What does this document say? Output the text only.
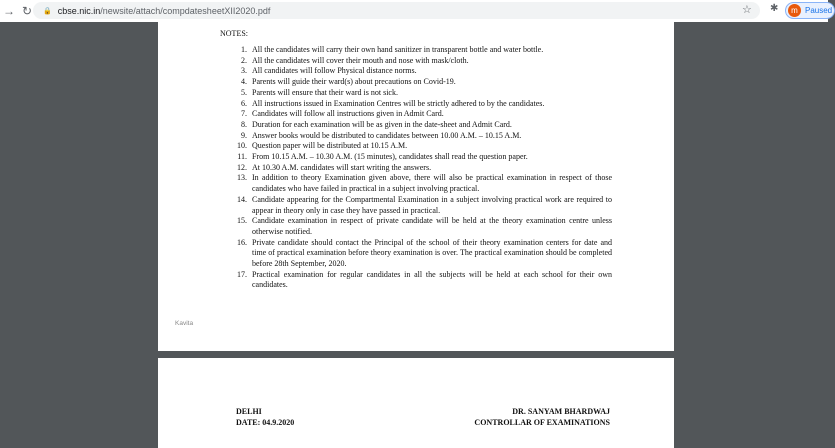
→ ↻	🔒 cbse.nic.in /newsite/attach/compdatesheetXII2020.pdf	☆ ✱	m Paused
NOTES:
1. All the candidates will carry their own hand sanitizer in transparent bottle and water bottle.
2. All the candidates will cover their mouth and nose with mask/cloth.
3. All candidates will follow Physical distance norms.
4. Parents will guide their ward(s) about precautions on Covid-19.
5. Parents will ensure that their ward is not sick.
6. All instructions issued in Examination Centres will be strictly adhered to by the candidates.
7. Candidates will follow all instructions given in Admit Card.
8. Duration for each examination will be as given in the date-sheet and Admit Card.
9. Answer books would be distributed to candidates between 10.00 A.M. – 10.15 A.M.
10. Question paper will be distributed at 10.15 A.M.
11. From 10.15 A.M. – 10.30 A.M. (15 minutes), candidates shall read the question paper.
12. At 10.30 A.M. candidates will start writing the answers.
13. In addition to theory Examination given above, there will also be practical examination in respect of those candidates who have failed in practical in a subject involving practical.
14. Candidate appearing for the Compartmental Examination in a subject involving practical work are required to appear in theory only in case they have passed in practical.
15. Candidate examination in respect of private candidate will be held at the theory examination centre unless otherwise notified.
16. Private candidate should contact the Principal of the school of their theory examination centers for date and time of practical examination before theory examination is over. The practical examination should be completed before 28th September, 2020.
17. Practical examination for regular candidates in all the subjects will be held at each school for their own candidates.
Kavita
DELHI
DATE: 04.9.2020
DR. SANYAM BHARDWAJ
CONTROLLAR OF EXAMINATIONS
